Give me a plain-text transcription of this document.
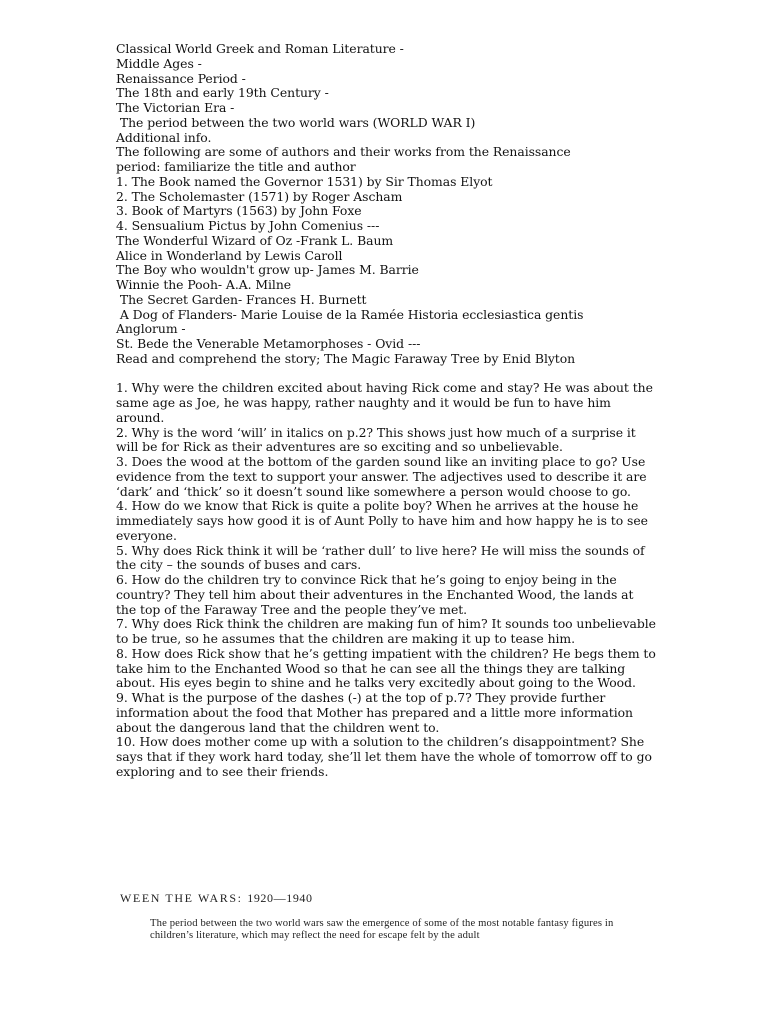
Classical World Greek and Roman Literature -
Middle Ages -
Renaissance Period -
The 18th and early 19th Century -
The Victorian Era -
The period between the two world wars (WORLD WAR I)
Additional info.
The following are some of authors and their works from the Renaissance
period: familiarize the title and author
1. The Book named the Governor 1531) by Sir Thomas Elyot
2. The Scholemaster (1571) by Roger Ascham
3. Book of Martyrs (1563) by John Foxe
4. Sensualium Pictus by John Comenius ---
The Wonderful Wizard of Oz -Frank L. Baum
Alice in Wonderland by Lewis Caroll
The Boy who wouldn't grow up- James M. Barrie
Winnie the Pooh- A.A. Milne
The Secret Garden- Frances H. Burnett
A Dog of Flanders- Marie Louise de la Ramée Historia ecclesiastica gentis
Anglorum -
St. Bede the Venerable Metamorphoses - Ovid ---
Read and comprehend the story; The Magic Faraway Tree by Enid Blyton
1. Why were the children excited about having Rick come and stay? He was about the same age as Joe, he was happy, rather naughty and it would be fun to have him around.
2. Why is the word ‘will’ in italics on p.2? This shows just how much of a surprise it will be for Rick as their adventures are so exciting and so unbelievable.
3. Does the wood at the bottom of the garden sound like an inviting place to go? Use evidence from the text to support your answer. The adjectives used to describe it are ‘dark’ and ‘thick’ so it doesn’t sound like somewhere a person would choose to go.
4. How do we know that Rick is quite a polite boy? When he arrives at the house he immediately says how good it is of Aunt Polly to have him and how happy he is to see everyone.
5. Why does Rick think it will be ‘rather dull’ to live here? He will miss the sounds of the city – the sounds of buses and cars.
6. How do the children try to convince Rick that he’s going to enjoy being in the country? They tell him about their adventures in the Enchanted Wood, the lands at the top of the Faraway Tree and the people they’ve met.
7. Why does Rick think the children are making fun of him? It sounds too unbelievable to be true, so he assumes that the children are making it up to tease him.
8. How does Rick show that he’s getting impatient with the children? He begs them to take him to the Enchanted Wood so that he can see all the things they are talking about. His eyes begin to shine and he talks very excitedly about going to the Wood.
9. What is the purpose of the dashes (-) at the top of p.7? They provide further information about the food that Mother has prepared and a little more information about the dangerous land that the children went to.
10. How does mother come up with a solution to the children’s disappointment? She says that if they work hard today, she’ll let them have the whole of tomorrow off to go exploring and to see their friends.
WEEN THE WARS: 1920—1940
The period between the two world wars saw the emergence of some of the most notable fantasy figures in children’s literature, which may reflect the need for escape felt by the adult
